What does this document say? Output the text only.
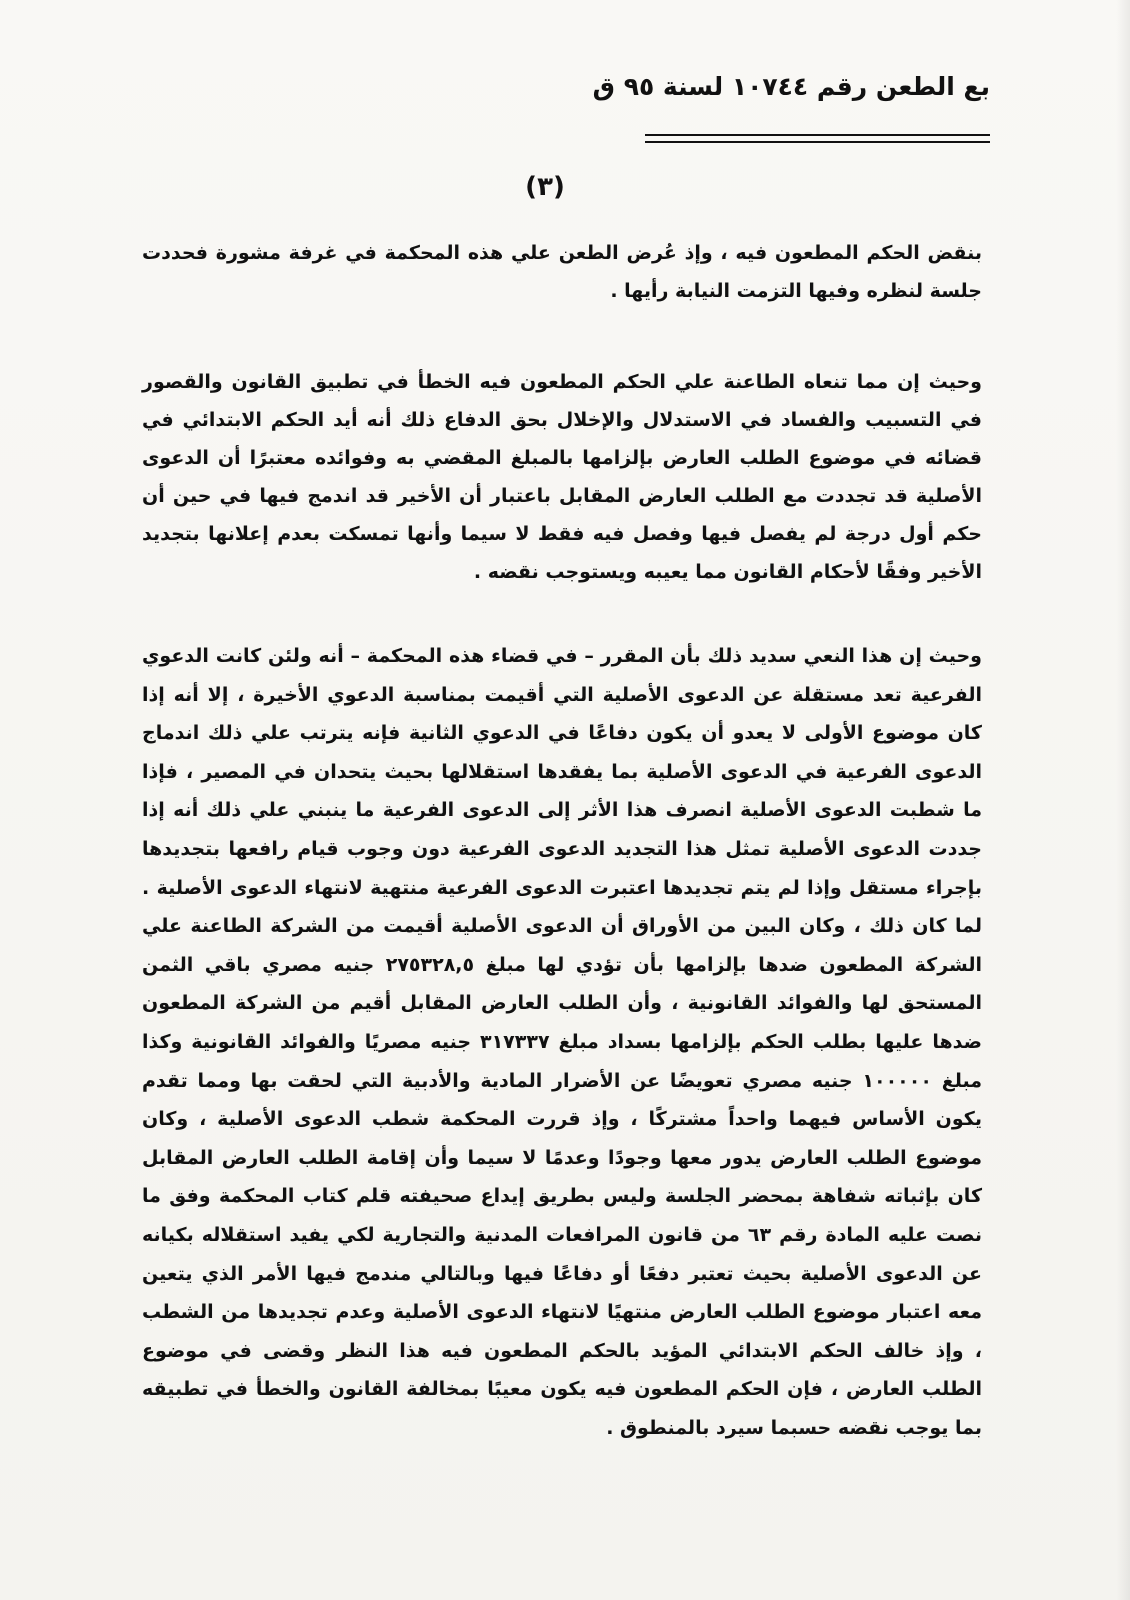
بع الطعن رقم ١٠٧٤٤ لسنة ٩٥ ق
(٣)

بنقض الحكم المطعون فيه ، وإذ عُرض الطعن علي هذه المحكمة في غرفة مشورة فحددت جلسة لنظره وفيها التزمت النيابة رأيها .

وحيث إن مما تنعاه الطاعنة علي الحكم المطعون فيه الخطأ في تطبيق القانون والقصور في التسبيب والفساد في الاستدلال والإخلال بحق الدفاع ذلك أنه أيد الحكم الابتدائي في قضائه في موضوع الطلب العارض بإلزامها بالمبلغ المقضي به وفوائده معتبرًا أن الدعوى الأصلية قد تجددت مع الطلب العارض المقابل باعتبار أن الأخير قد اندمج فيها في حين أن حكم أول درجة لم يفصل فيها وفصل فيه فقط لا سيما وأنها تمسكت بعدم إعلانها بتجديد الأخير وفقًا لأحكام القانون مما يعيبه ويستوجب نقضه .

وحيث إن هذا النعي سديد ذلك بأن المقرر – في قضاء هذه المحكمة – أنه ولئن كانت الدعوي الفرعية تعد مستقلة عن الدعوى الأصلية التي أقيمت بمناسبة الدعوي الأخيرة ، إلا أنه إذا كان موضوع الأولى لا يعدو أن يكون دفاعًا في الدعوي الثانية فإنه يترتب علي ذلك اندماج الدعوى الفرعية في الدعوى الأصلية بما يفقدها استقلالها بحيث يتحدان في المصير ، فإذا ما شطبت الدعوى الأصلية انصرف هذا الأثر إلى الدعوى الفرعية ما ينبني علي ذلك أنه إذا جددت الدعوى الأصلية تمثل هذا التجديد الدعوى الفرعية دون وجوب قيام رافعها بتجديدها بإجراء مستقل وإذا لم يتم تجديدها اعتبرت الدعوى الفرعية منتهية لانتهاء الدعوى الأصلية . لما كان ذلك ، وكان البين من الأوراق أن الدعوى الأصلية أقيمت من الشركة الطاعنة علي الشركة المطعون ضدها بإلزامها بأن تؤدي لها مبلغ ٢٧٥٣٢٨,٥ جنيه مصري باقي الثمن المستحق لها والفوائد القانونية ، وأن الطلب العارض المقابل أقيم من الشركة المطعون ضدها عليها بطلب الحكم بإلزامها بسداد مبلغ ٣١٧٣٣٧ جنيه مصريًا والفوائد القانونية وكذا مبلغ ١٠٠٠٠٠ جنيه مصري تعويضًا عن الأضرار المادية والأدبية التي لحقت بها ومما تقدم يكون الأساس فيهما واحداً مشتركًا ، وإذ قررت المحكمة شطب الدعوى الأصلية ، وكان موضوع الطلب العارض يدور معها وجودًا وعدمًا لا سيما وأن إقامة الطلب العارض المقابل كان بإثباته شفاهة بمحضر الجلسة وليس بطريق إيداع صحيفته قلم كتاب المحكمة وفق ما نصت عليه المادة رقم ٦٣ من قانون المرافعات المدنية والتجارية لكي يفيد استقلاله بكيانه عن الدعوى الأصلية بحيث تعتبر دفعًا أو دفاعًا فيها وبالتالي مندمج فيها الأمر الذي يتعين معه اعتبار موضوع الطلب العارض منتهيًا لانتهاء الدعوى الأصلية وعدم تجديدها من الشطب ، وإذ خالف الحكم الابتدائي المؤيد بالحكم المطعون فيه هذا النظر وقضى في موضوع الطلب العارض ، فإن الحكم المطعون فيه يكون معيبًا بمخالفة القانون والخطأ في تطبيقه بما يوجب نقضه حسبما سيرد بالمنطوق .
